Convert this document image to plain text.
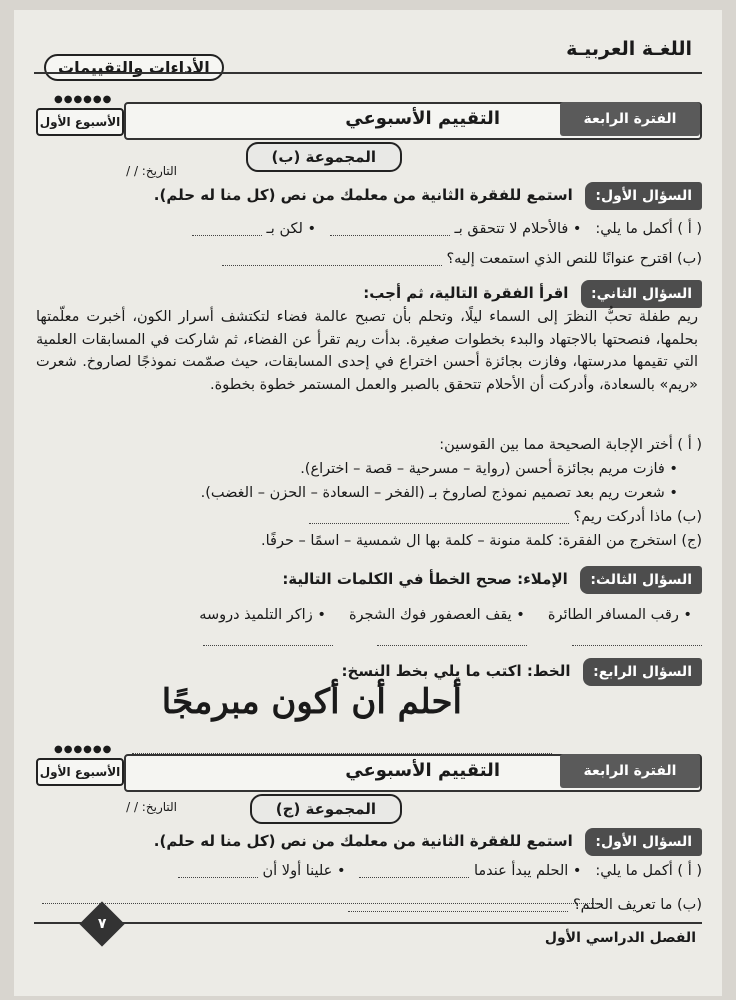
اللغـة العربيـة
الأداءات والتقييمات
●●●●●●
الأسبوع الأول	الفترة الرابعة
التقييم الأسبوعي
المجموعة (ب)
التاريخ: / /
السؤال الأول: استمع للفقرة الثانية من معلمك من نص (كل منا له حلم).
( أ ) أكمل ما يلي:   • فالأحلام لا تتحقق بـ    • لكن بـ
(ب) اقترح عنوانًا للنص الذي استمعت إليه؟
السؤال الثاني: اقرأ الفقرة التالية، ثم أجب:
ريم طفلة تحبُّ النظرَ إلى السماء ليلًا، وتحلم بأن تصبح عالمة فضاء لتكتشف أسرار الكون، أخبرت معلّمتها بحلمها، فنصحتها بالاجتهاد والبدء بخطوات صغيرة. بدأت ريم تقرأ عن الفضاء، ثم شاركت في المسابقات العلمية التي تقيمها مدرستها، وفازت بجائزة أحسن اختراع في إحدى المسابقات، حيث صمّمت نموذجًا لصاروخ. شعرت «ريم» بالسعادة، وأدركت أن الأحلام تتحقق بالصبر والعمل المستمر خطوة بخطوة.
( أ ) أختر الإجابة الصحيحة مما بين القوسين:
• فازت مريم بجائزة أحسن (رواية – مسرحية – قصة – اختراع).
• شعرت ريم بعد تصميم نموذج لصاروخ بـ (الفخر – السعادة – الحزن – الغضب).
(ب) ماذا أدركت ريم؟
(ج) استخرج من الفقرة: كلمة منونة – كلمة بها ال شمسية – اسمًا – حرفًا.
السؤال الثالث: الإملاء: صحح الخطأ في الكلمات التالية:
• رقب المسافر الطائرة     • يقف العصفور فوك الشجرة     • زاكر التلميذ دروسه

السؤال الرابع: الخط: اكتب ما يلي بخط النسخ:
أحلم أن أكون مبرمجًا
●●●●●●
الأسبوع الأول	الفترة الرابعة
التقييم الأسبوعي
المجموعة (ج)
التاريخ: / /
السؤال الأول: استمع للفقرة الثانية من معلمك من نص (كل منا له حلم).
( أ ) أكمل ما يلي:   • الحلم يبدأ عندما    • علينا أولا أن
(ب) ما تعريف الحلم؟
٧
الفصل الدراسي الأول
